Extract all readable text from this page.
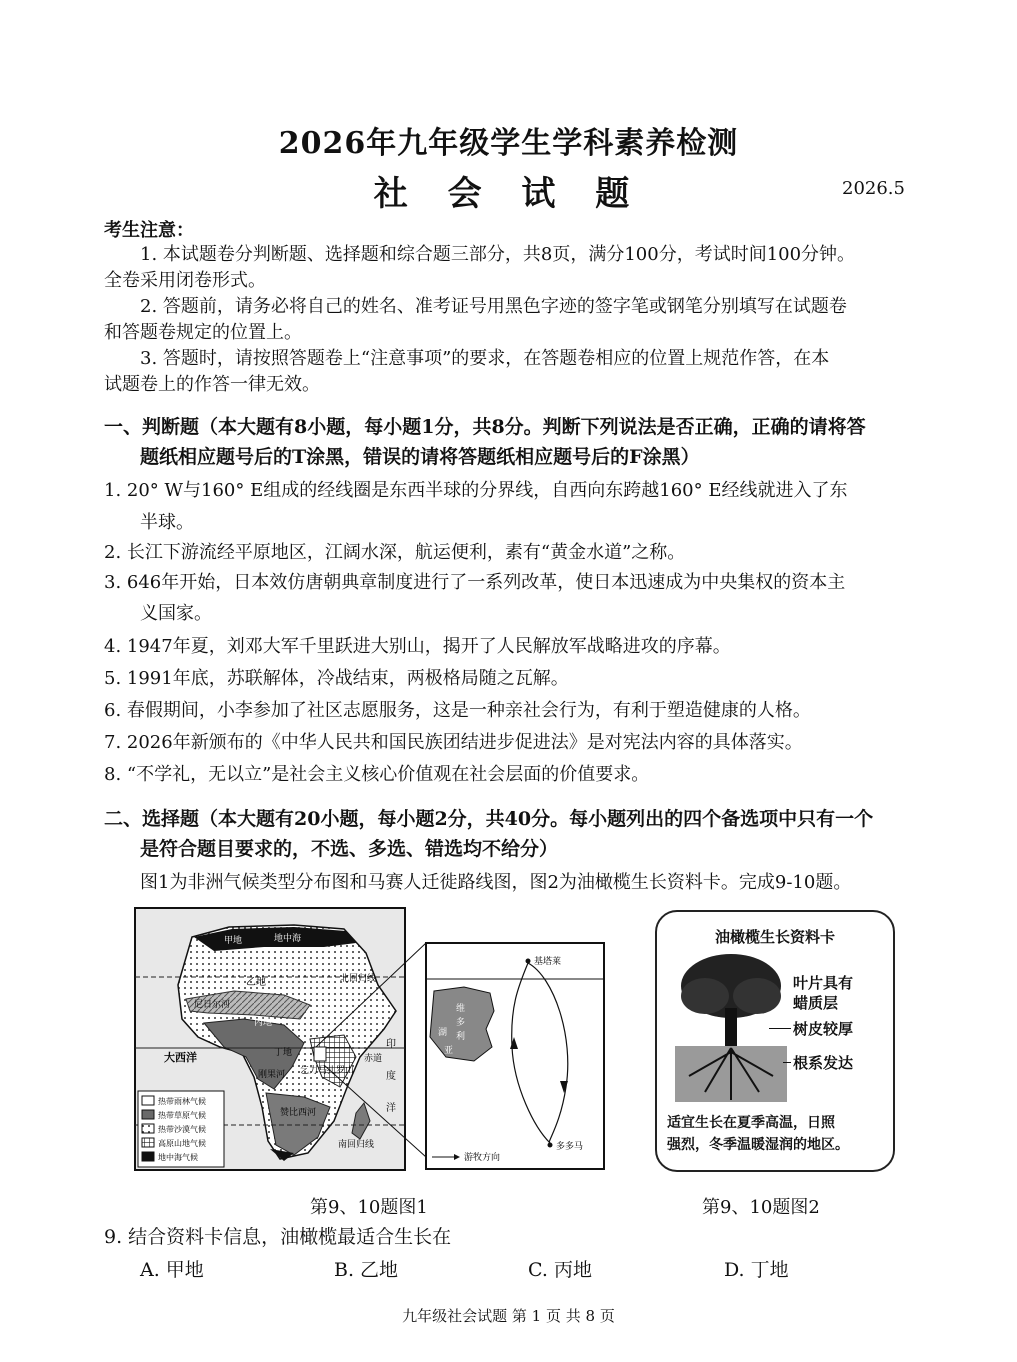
2026年九年级学生学科素养检测
社 会 试 题	2026.5
考生注意：
1. 本试题卷分判断题、选择题和综合题三部分，共8页，满分100分，考试时间100分钟。
全卷采用闭卷形式。
2. 答题前，请务必将自己的姓名、准考证号用黑色字迹的签字笔或钢笔分别填写在试题卷
和答题卷规定的位置上。
3. 答题时，请按照答题卷上“注意事项”的要求，在答题卷相应的位置上规范作答，在本
试题卷上的作答一律无效。
一、判断题（本大题有8小题，每小题1分，共8分。判断下列说法是否正确，正确的请将答
题纸相应题号后的T涂黑，错误的请将答题纸相应题号后的F涂黑）
1. 20° W与160° E组成的经线圈是东西半球的分界线，自西向东跨越160° E经线就进入了东
半球。
2. 长江下游流经平原地区，江阔水深，航运便利，素有“黄金水道”之称。
3. 646年开始，日本效仿唐朝典章制度进行了一系列改革，使日本迅速成为中央集权的资本主
义国家。
4. 1947年夏，刘邓大军千里跃进大别山，揭开了人民解放军战略进攻的序幕。
5. 1991年底，苏联解体，冷战结束，两极格局随之瓦解。
6. 春假期间，小李参加了社区志愿服务，这是一种亲社会行为，有利于塑造健康的人格。
7. 2026年新颁布的《中华人民共和国民族团结进步促进法》是对宪法内容的具体落实。
8. “不学礼，无以立”是社会主义核心价值观在社会层面的价值要求。
二、选择题（本大题有20小题，每小题2分，共40分。每小题列出的四个备选项中只有一个
是符合题目要求的，不选、多选、错选均不给分）
图1为非洲气候类型分布图和马赛人迁徙路线图，图2为油橄榄生长资料卡。完成9-10题。
甲地	地中海
北回归线
乙地
尼日尔河
丙地
丁地
赤道
大西洋
印
度
洋
刚果河 乞力马扎罗山
赞比西河
南回归线
热带雨林气候
热带草原气候
热带沙漠气候
高原山地气候
地中海气候
维
多
利
亚
湖
基塔莱
多多马
游牧方向
油橄榄生长资料卡
叶片具有
蜡质层
树皮较厚
根系发达
适宜生长在夏季高温，日照
强烈，冬季温暖湿润的地区。
第9、10题图1	第9、10题图2
9. 结合资料卡信息，油橄榄最适合生长在
A. 甲地	B. 乙地	C. 丙地	D. 丁地
九年级社会试题 第 1 页 共 8 页
